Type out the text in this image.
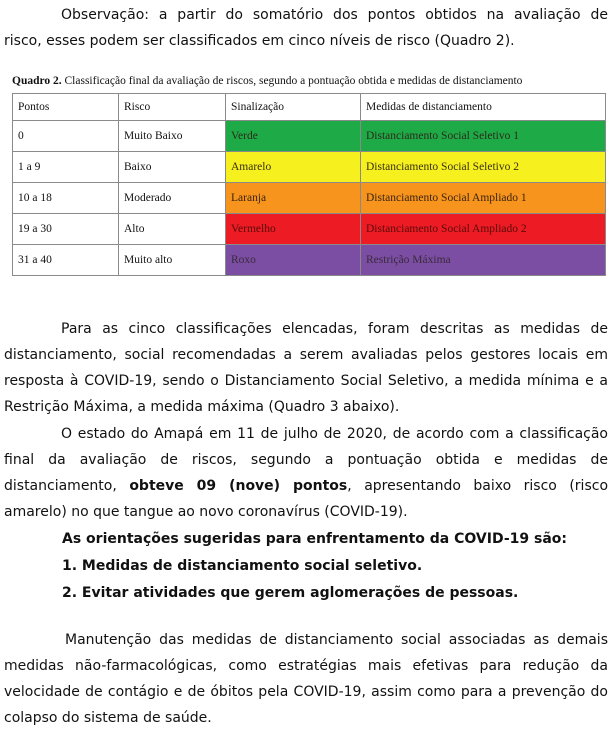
Observação: a partir do somatório dos pontos obtidos na avaliação de
risco, esses podem ser classificados em cinco níveis de risco (Quadro 2).
Quadro 2. Classificação final da avaliação de riscos, segundo a pontuação obtida e medidas de distanciamento
Pontos	Risco	Sinalização	Medidas de distanciamento
0	Muito Baixo	Verde	Distanciamento Social Seletivo 1
1 a 9	Baixo	Amarelo	Distanciamento Social Seletivo 2
10 a 18	Moderado	Laranja	Distanciamento Social Ampliado 1
19 a 30	Alto	Vermelho	Distanciamento Social Ampliado 2
31 a 40	Muito alto	Roxo	Restrição Máxima
Para as cinco classificações elencadas, foram descritas as medidas de distanciamento, social recomendadas a serem avaliadas pelos gestores locais em resposta à COVID-19, sendo o Distanciamento Social Seletivo, a medida mínima e a Restrição Máxima, a medida máxima (Quadro 3 abaixo).
O estado do Amapá em 11 de julho de 2020, de acordo com a classificação final da avaliação de riscos, segundo a pontuação obtida e medidas de distanciamento, obteve 09 (nove) pontos, apresentando baixo risco (risco amarelo) no que tangue ao novo coronavírus (COVID-19).
As orientações sugeridas para enfrentamento da COVID-19 são:
1. Medidas de distanciamento social seletivo.
2. Evitar atividades que gerem aglomerações de pessoas.
Manutenção das medidas de distanciamento social associadas as demais medidas não-farmacológicas, como estratégias mais efetivas para redução da velocidade de contágio e de óbitos pela COVID-19, assim como para a prevenção do colapso do sistema de saúde.
